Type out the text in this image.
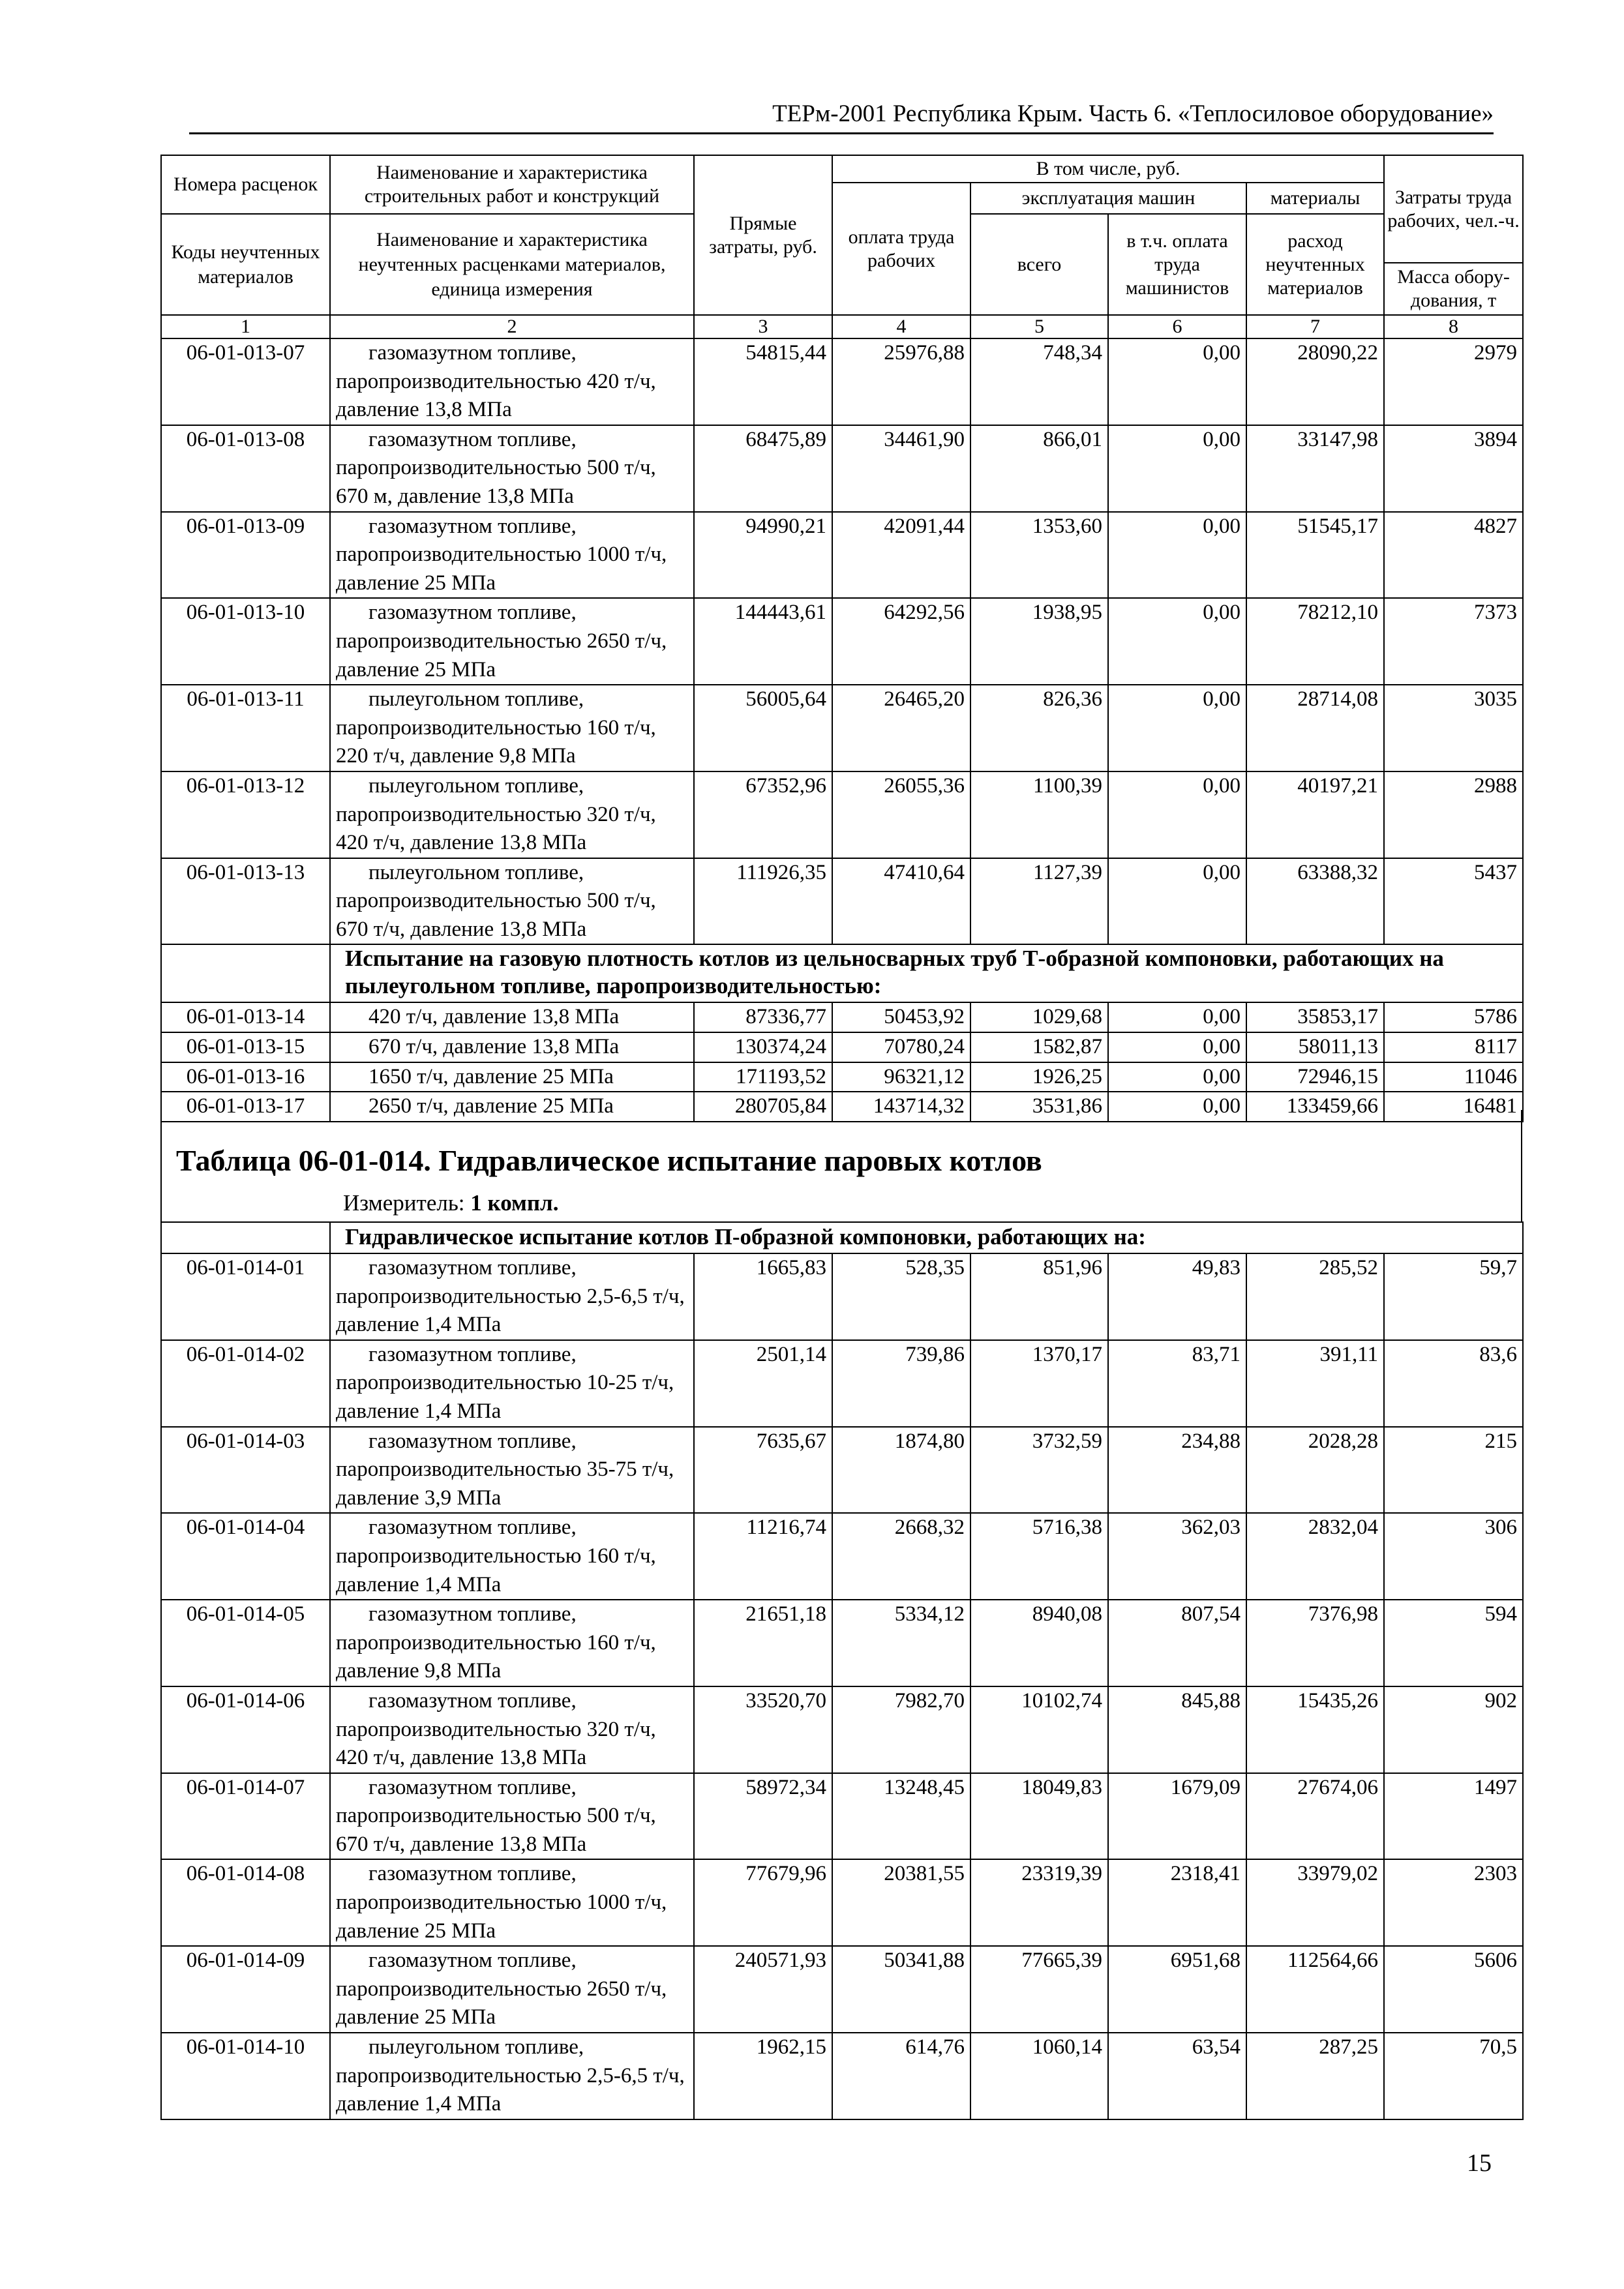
ТЕРм-2001 Республика Крым. Часть 6. «Теплосиловое оборудование»
Номера расценок	Наименование и характеристика строительных работ и конструкций	Прямые затраты, руб.	В том числе, руб.				Затраты труда рабочих, чел.-ч.
			оплата труда рабочих	эксплуатация машин		материалы	
Коды неучтенных материалов	Наименование и характеристика неучтенных расценками материалов, единица измерения			всего	в т.ч. оплата труда машинистов	расход неучтенных материалов	
							Масса обору-дования, т
1	2	3	4	5	6	7	8
06-01-013-07	газомазутном топливе, паропроизводительностью 420 т/ч, давление 13,8 МПа	54815,44	25976,88	748,34	0,00	28090,22	2979
06-01-013-08	газомазутном топливе, паропроизводительностью 500 т/ч, 670 м, давление 13,8 МПа	68475,89	34461,90	866,01	0,00	33147,98	3894
06-01-013-09	газомазутном топливе, паропроизводительностью 1000 т/ч, давление 25 МПа	94990,21	42091,44	1353,60	0,00	51545,17	4827
06-01-013-10	газомазутном топливе, паропроизводительностью 2650 т/ч, давление 25 МПа	144443,61	64292,56	1938,95	0,00	78212,10	7373
06-01-013-11	пылеугольном топливе, паропроизводительностью 160 т/ч, 220 т/ч, давление 9,8 МПа	56005,64	26465,20	826,36	0,00	28714,08	3035
06-01-013-12	пылеугольном топливе, паропроизводительностью 320 т/ч, 420 т/ч, давление 13,8 МПа	67352,96	26055,36	1100,39	0,00	40197,21	2988
06-01-013-13	пылеугольном топливе, паропроизводительностью 500 т/ч, 670 т/ч, давление 13,8 МПа	111926,35	47410,64	1127,39	0,00	63388,32	5437
	Испытание на газовую плотность котлов из цельносварных труб Т-образной компоновки, работающих на пылеугольном топливе, паропроизводительностью:						
06-01-013-14	420 т/ч, давление 13,8 МПа	87336,77	50453,92	1029,68	0,00	35853,17	5786
06-01-013-15	670 т/ч, давление 13,8 МПа	130374,24	70780,24	1582,87	0,00	58011,13	8117
06-01-013-16	1650 т/ч, давление 25 МПа	171193,52	96321,12	1926,25	0,00	72946,15	11046
06-01-013-17	2650 т/ч, давление 25 МПа	280705,84	143714,32	3531,86	0,00	133459,66	16481
Таблица 06-01-014. Гидравлическое испытание паровых котлов
Измеритель: 1 компл.
	Гидравлическое испытание котлов П-образной компоновки, работающих на:						
06-01-014-01	газомазутном топливе, паропроизводительностью 2,5-6,5 т/ч, давление 1,4 МПа	1665,83	528,35	851,96	49,83	285,52	59,7
06-01-014-02	газомазутном топливе, паропроизводительностью 10-25 т/ч, давление 1,4 МПа	2501,14	739,86	1370,17	83,71	391,11	83,6
06-01-014-03	газомазутном топливе, паропроизводительностью 35-75 т/ч, давление 3,9 МПа	7635,67	1874,80	3732,59	234,88	2028,28	215
06-01-014-04	газомазутном топливе, паропроизводительностью 160 т/ч, давление 1,4 МПа	11216,74	2668,32	5716,38	362,03	2832,04	306
06-01-014-05	газомазутном топливе, паропроизводительностью 160 т/ч, давление 9,8 МПа	21651,18	5334,12	8940,08	807,54	7376,98	594
06-01-014-06	газомазутном топливе, паропроизводительностью 320 т/ч, 420 т/ч, давление 13,8 МПа	33520,70	7982,70	10102,74	845,88	15435,26	902
06-01-014-07	газомазутном топливе, паропроизводительностью 500 т/ч, 670 т/ч, давление 13,8 МПа	58972,34	13248,45	18049,83	1679,09	27674,06	1497
06-01-014-08	газомазутном топливе, паропроизводительностью 1000 т/ч, давление 25 МПа	77679,96	20381,55	23319,39	2318,41	33979,02	2303
06-01-014-09	газомазутном топливе, паропроизводительностью 2650 т/ч, давление 25 МПа	240571,93	50341,88	77665,39	6951,68	112564,66	5606
06-01-014-10	пылеугольном топливе, паропроизводительностью 2,5-6,5 т/ч, давление 1,4 МПа	1962,15	614,76	1060,14	63,54	287,25	70,5
15
